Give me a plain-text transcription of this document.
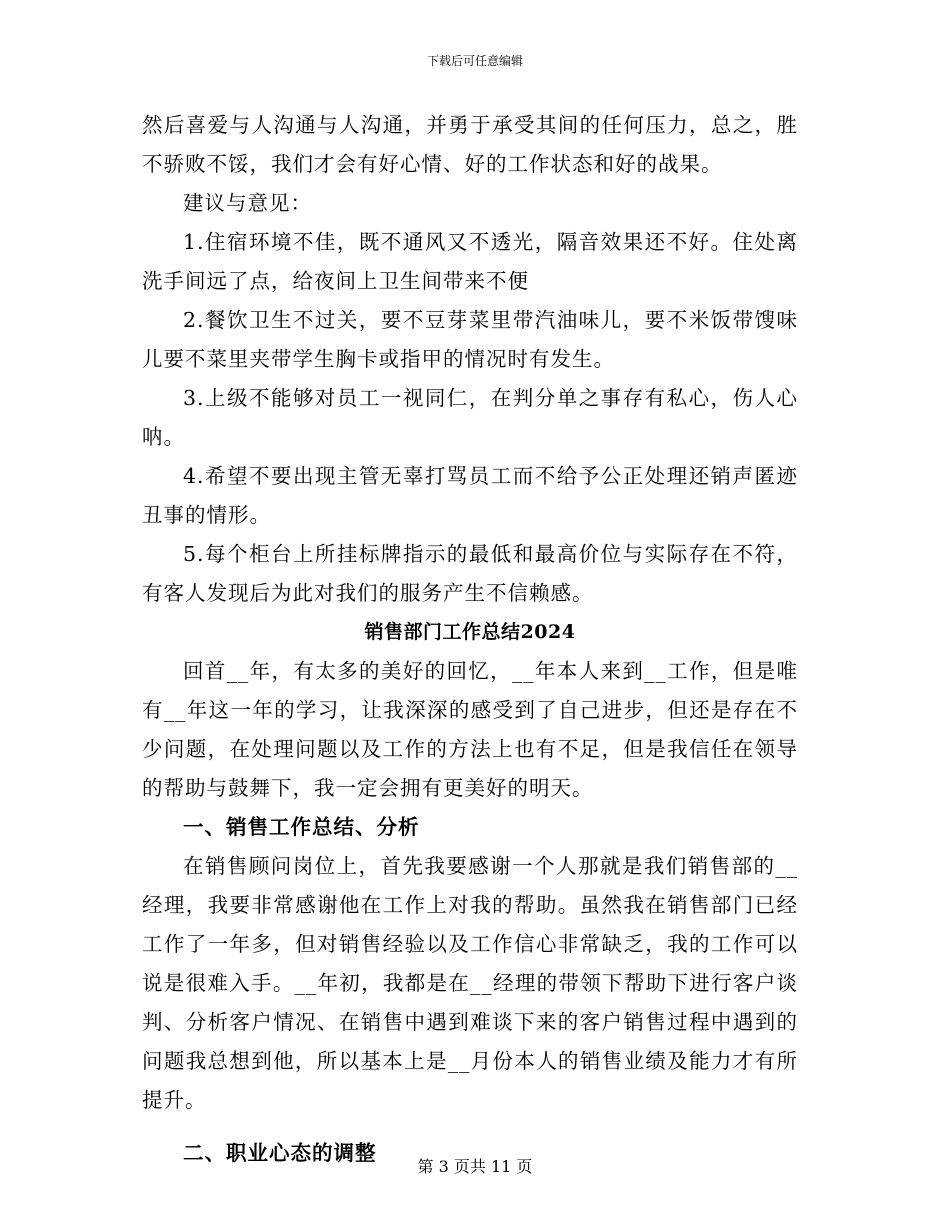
下载后可任意编辑

然后喜爱与人沟通与人沟通，并勇于承受其间的任何压力，总之，胜不骄败不馁，我们才会有好心情、好的工作状态和好的战果。

建议与意见：

1.住宿环境不佳，既不通风又不透光，隔音效果还不好。住处离洗手间远了点，给夜间上卫生间带来不便

2.餐饮卫生不过关，要不豆芽菜里带汽油味儿，要不米饭带馊味儿要不菜里夹带学生胸卡或指甲的情况时有发生。

3.上级不能够对员工一视同仁，在判分单之事存有私心，伤人心呐。

4.希望不要出现主管无辜打骂员工而不给予公正处理还销声匿迹丑事的情形。

5.每个柜台上所挂标牌指示的最低和最高价位与实际存在不符，有客人发现后为此对我们的服务产生不信赖感。

销售部门工作总结2024

回首__年，有太多的美好的回忆，__年本人来到__工作，但是唯有__年这一年的学习，让我深深的感受到了自己进步，但还是存在不少问题，在处理问题以及工作的方法上也有不足，但是我信任在领导的帮助与鼓舞下，我一定会拥有更美好的明天。

一、销售工作总结、分析

在销售顾问岗位上，首先我要感谢一个人那就是我们销售部的__经理，我要非常感谢他在工作上对我的帮助。虽然我在销售部门已经工作了一年多，但对销售经验以及工作信心非常缺乏，我的工作可以说是很难入手。__年初，我都是在__经理的带领下帮助下进行客户谈判、分析客户情况、在销售中遇到难谈下来的客户销售过程中遇到的问题我总想到他，所以基本上是__月份本人的销售业绩及能力才有所提升。

二、职业心态的调整

第 3 页共 11 页
